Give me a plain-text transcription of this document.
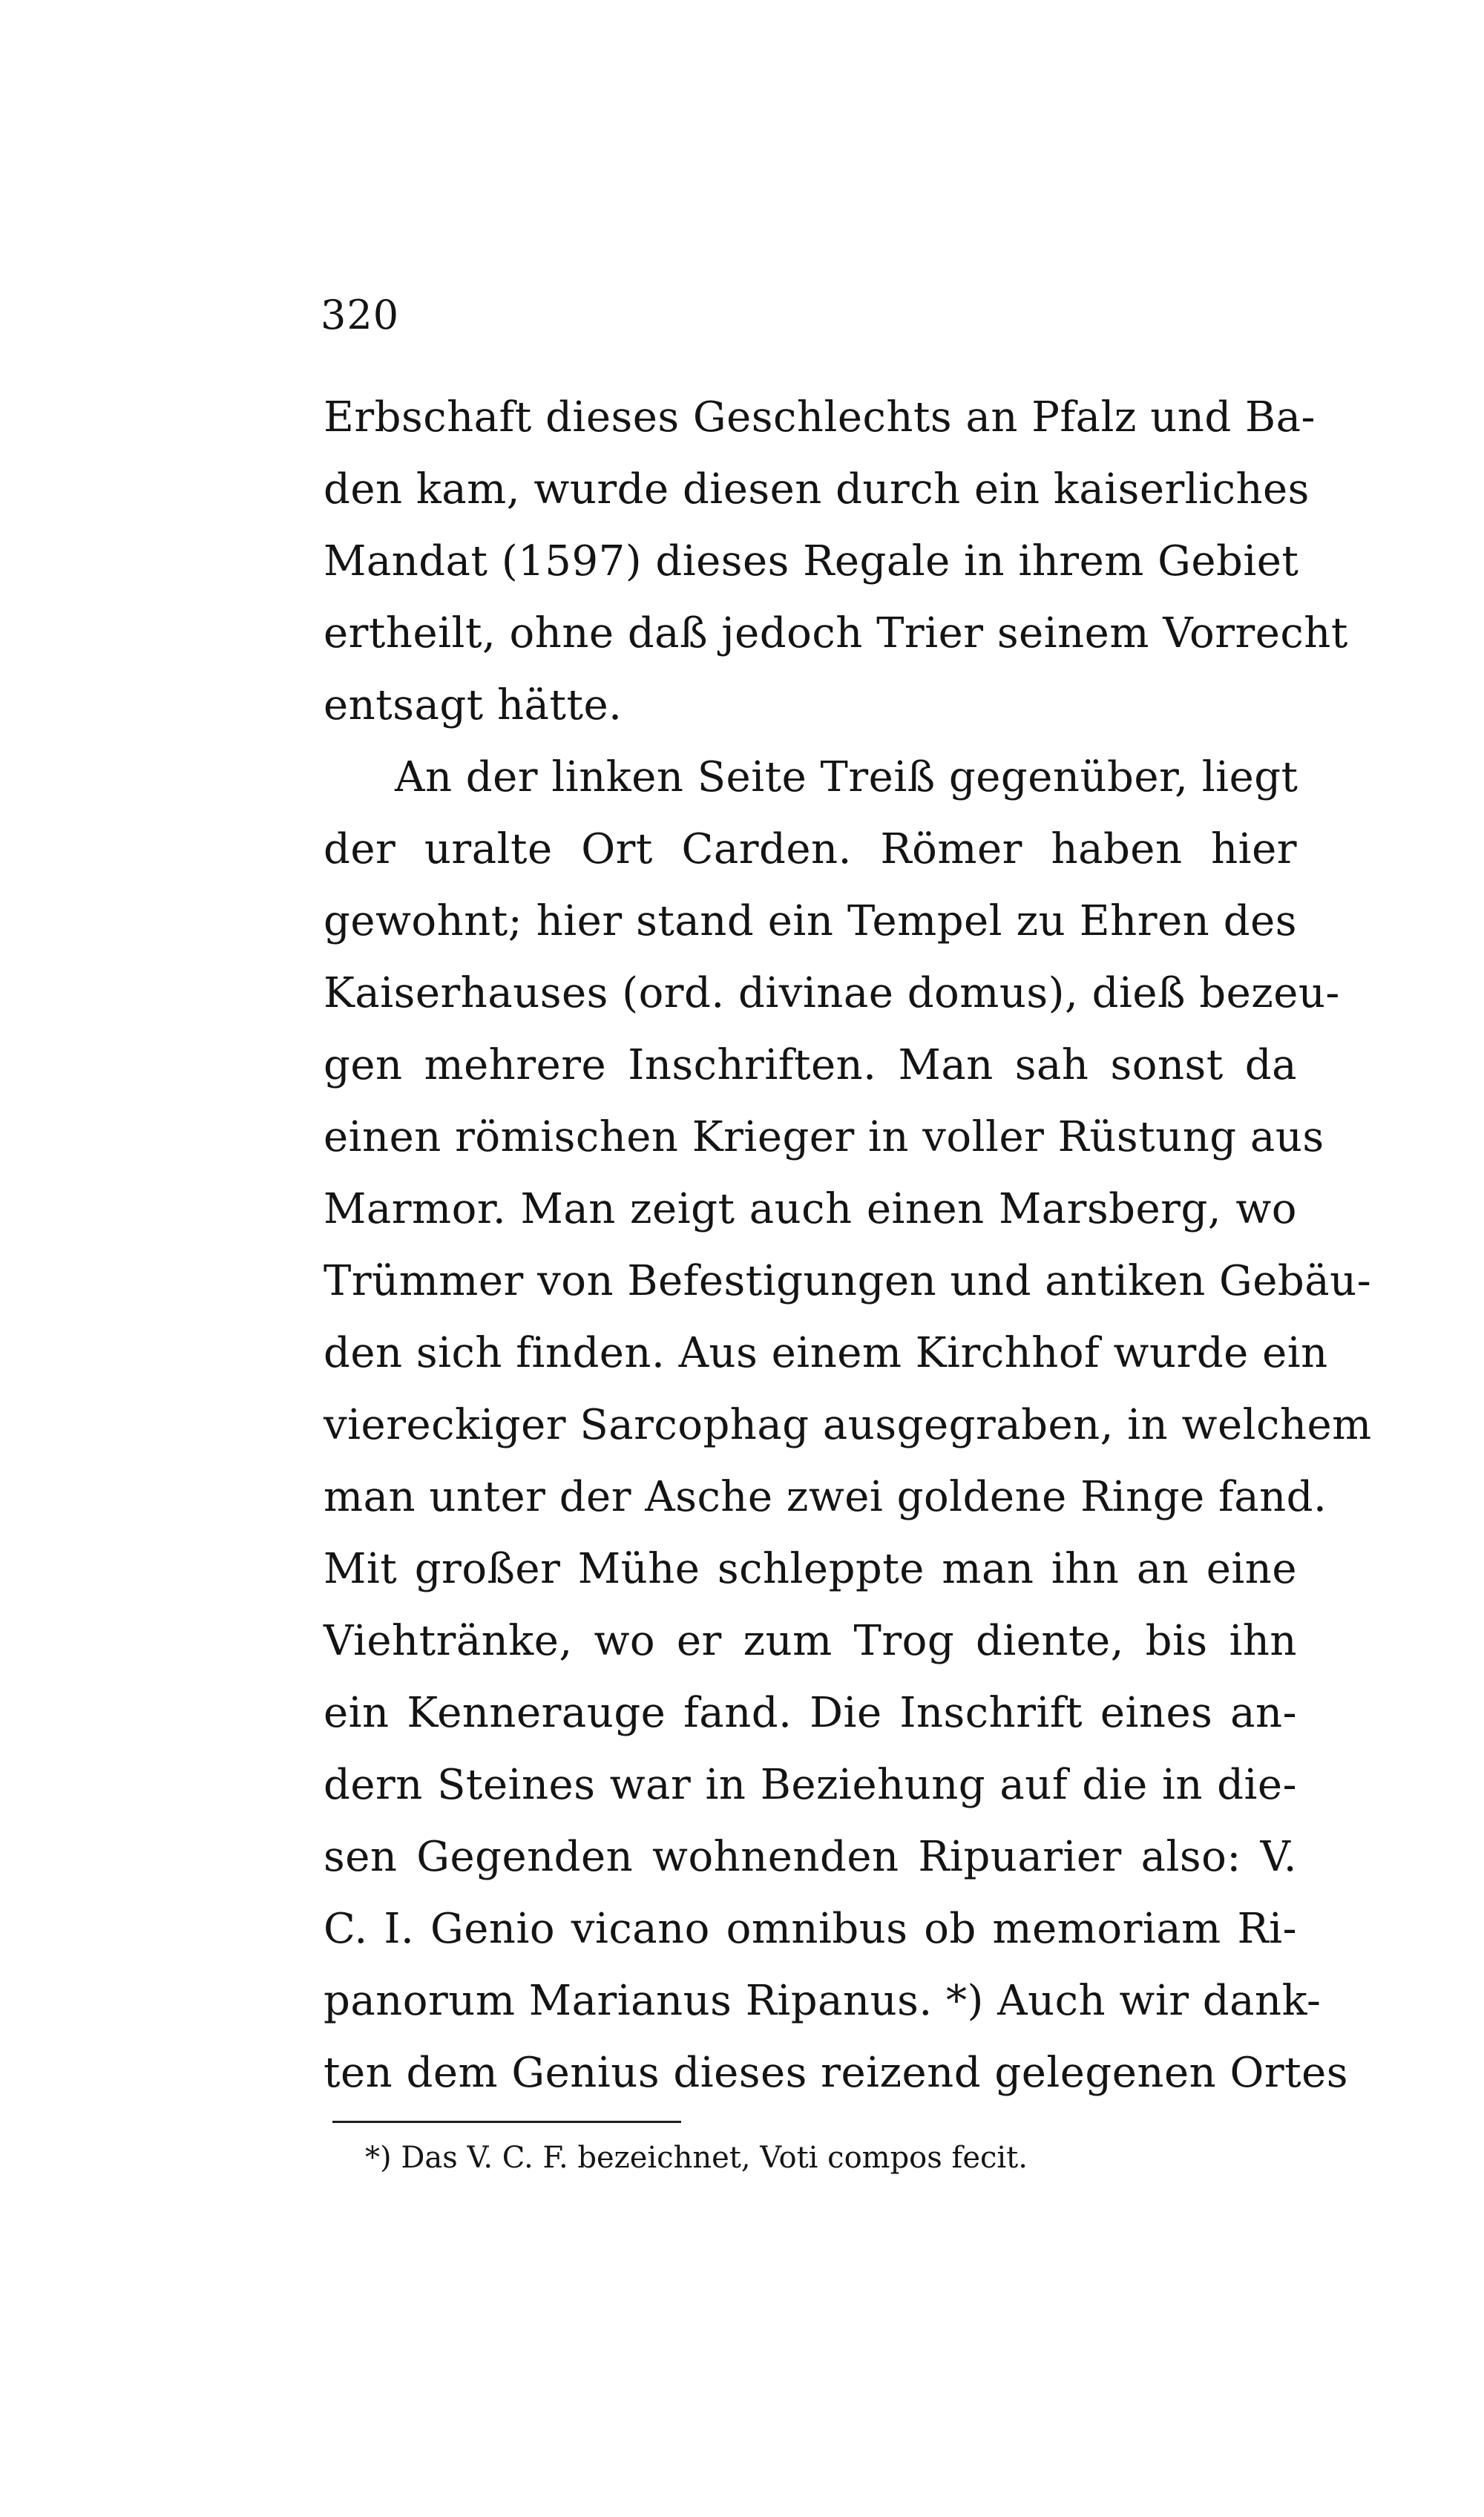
320
Erbschaft dieses Geschlechts an Pfalz und Ba-
den kam, wurde diesen durch ein kaiserliches
Mandat (1597) dieses Regale in ihrem Gebiet
ertheilt, ohne daß jedoch Trier seinem Vorrecht
entsagt hätte.
An der linken Seite Treiß gegenüber, liegt
der uralte Ort Carden. Römer haben hier
gewohnt; hier stand ein Tempel zu Ehren des
Kaiserhauses (ord. divinae domus), dieß bezeu-
gen mehrere Inschriften. Man sah sonst da
einen römischen Krieger in voller Rüstung aus
Marmor. Man zeigt auch einen Marsberg, wo
Trümmer von Befestigungen und antiken Gebäu-
den sich finden. Aus einem Kirchhof wurde ein
viereckiger Sarcophag ausgegraben, in welchem
man unter der Asche zwei goldene Ringe fand.
Mit großer Mühe schleppte man ihn an eine
Viehtränke, wo er zum Trog diente, bis ihn
ein Kennerauge fand. Die Inschrift eines an-
dern Steines war in Beziehung auf die in die-
sen Gegenden wohnenden Ripuarier also: V.
C. I. Genio vicano omnibus ob memoriam Ri-
panorum Marianus Ripanus. *) Auch wir dank-
ten dem Genius dieses reizend gelegenen Ortes
*) Das V. C. F. bezeichnet, Voti compos fecit.
